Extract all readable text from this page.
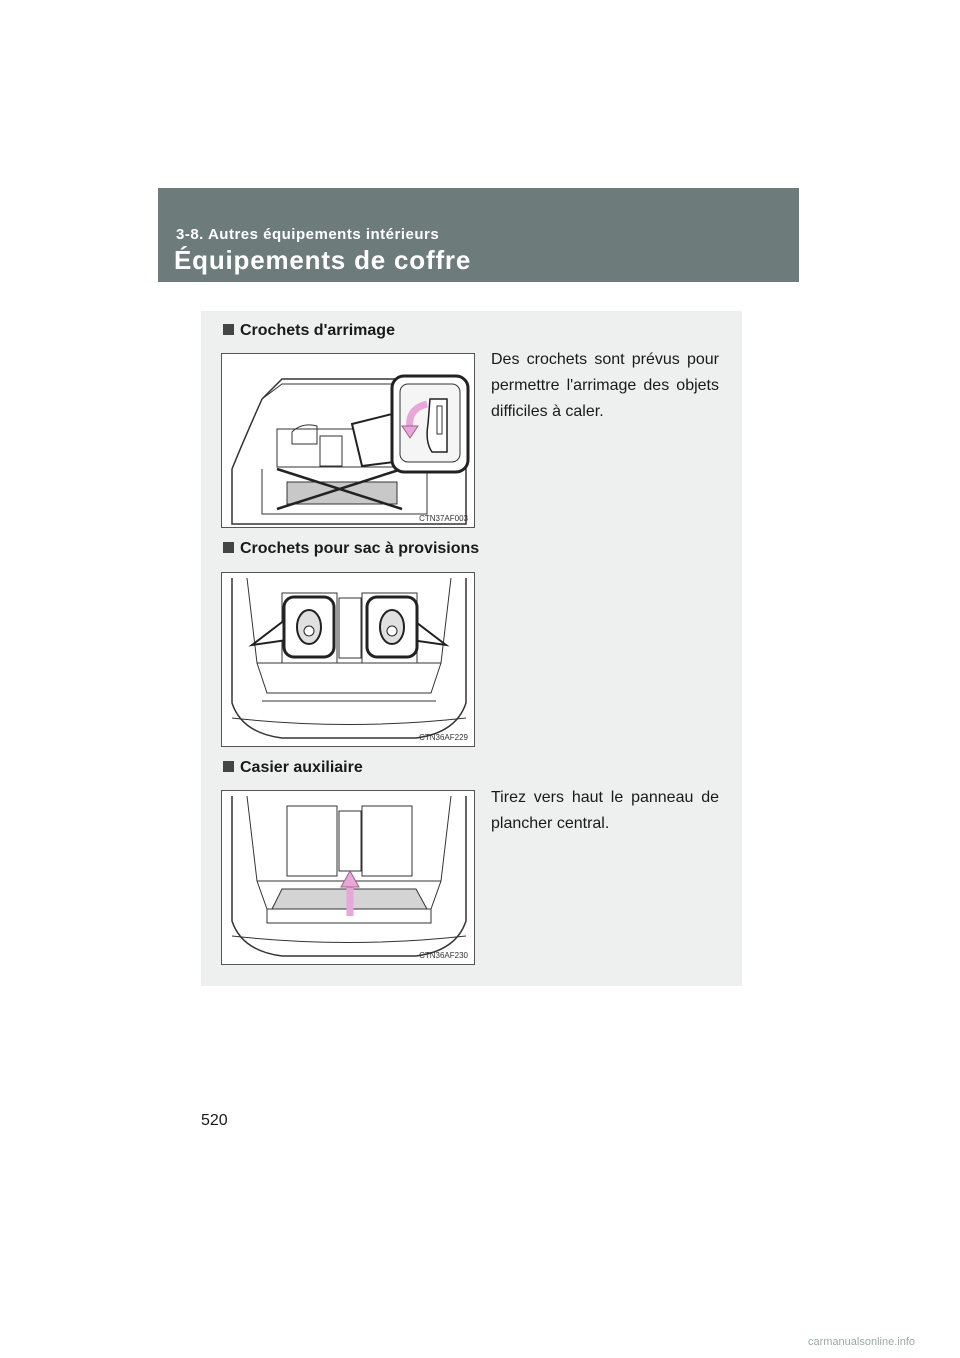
3-8. Autres équipements intérieurs
Équipements de coffre
Crochets d'arrimage
CTN37AF003
Des crochets sont prévus pour permettre l'arrimage des objets difficiles à caler.
Crochets pour sac à provisions
CTN36AF229
Casier auxiliaire
CTN36AF230
Tirez vers haut le panneau de plancher central.
520
carmanualsonline.info
